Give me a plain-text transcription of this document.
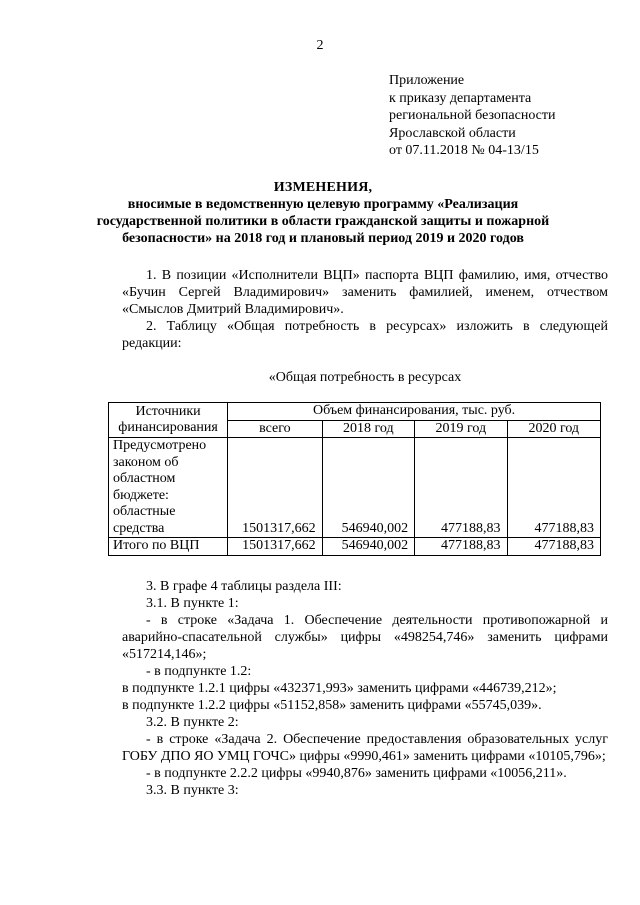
2
Приложение
к приказу департамента
региональной безопасности
Ярославской области
от 07.11.2018 № 04-13/15
ИЗМЕНЕНИЯ,
вносимые в ведомственную целевую программу «Реализация
государственной политики в области гражданской защиты и пожарной
безопасности» на 2018 год и плановый период 2019 и 2020 годов

1. В позиции «Исполнители ВЦП» паспорта ВЦП фамилию, имя, отчество «Бучин Сергей Владимирович» заменить фамилией, именем, отчеством «Смыслов Дмитрий Владимирович».

2. Таблицу «Общая потребность в ресурсах» изложить в следующей редакции:

«Общая потребность в ресурсах
Источники финансирования	Объем финансирования, тыс. руб.			
	всего	2018 год	2019 год	2020 год
Предусмотрено законом об областном бюджете: областные средства	1501317,662	546940,002	477188,83	477188,83
Итого по ВЦП	1501317,662	546940,002	477188,83	477188,83

3. В графе 4 таблицы раздела III:

3.1. В пункте 1:

- в строке «Задача 1. Обеспечение деятельности противопожарной и аварийно-спасательной службы» цифры «498254,746» заменить цифрами «517214,146»;

- в подпункте 1.2:

в подпункте 1.2.1 цифры «432371,993» заменить цифрами «446739,212»;

в подпункте 1.2.2 цифры «51152,858» заменить цифрами «55745,039».

3.2. В пункте 2:

- в строке «Задача 2. Обеспечение предоставления образовательных услуг ГОБУ ДПО ЯО УМЦ ГОЧС» цифры «9990,461» заменить цифрами «10105,796»;

- в подпункте 2.2.2 цифры «9940,876» заменить цифрами «10056,211».

3.3. В пункте 3:
